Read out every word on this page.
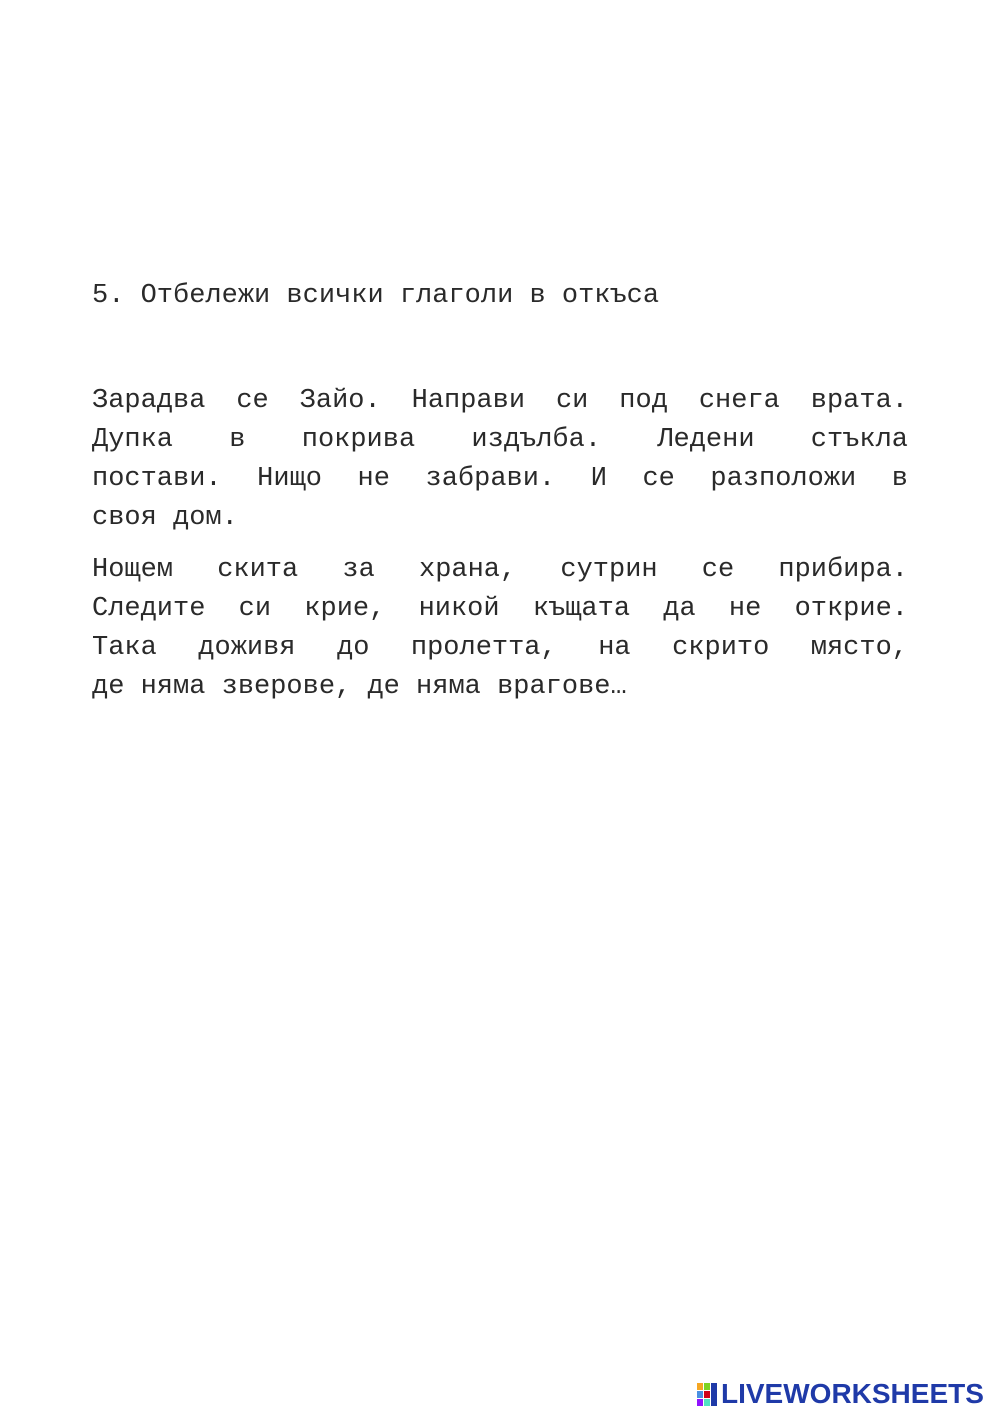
5. Отбележи всички глаголи в откъса
Зарадва се Зайо. Направи си под снега врата.
Дупка в покрива издълба. Ледени стъкла
постави. Нищо не забрави. И се разположи в
своя дом.
Нощем скита за храна, сутрин се прибира.
Следите си крие, никой къщата да не открие.
Така доживя до пролетта, на скрито място,
де няма зверове, де няма врагове…
LIVEWORKSHEETS
